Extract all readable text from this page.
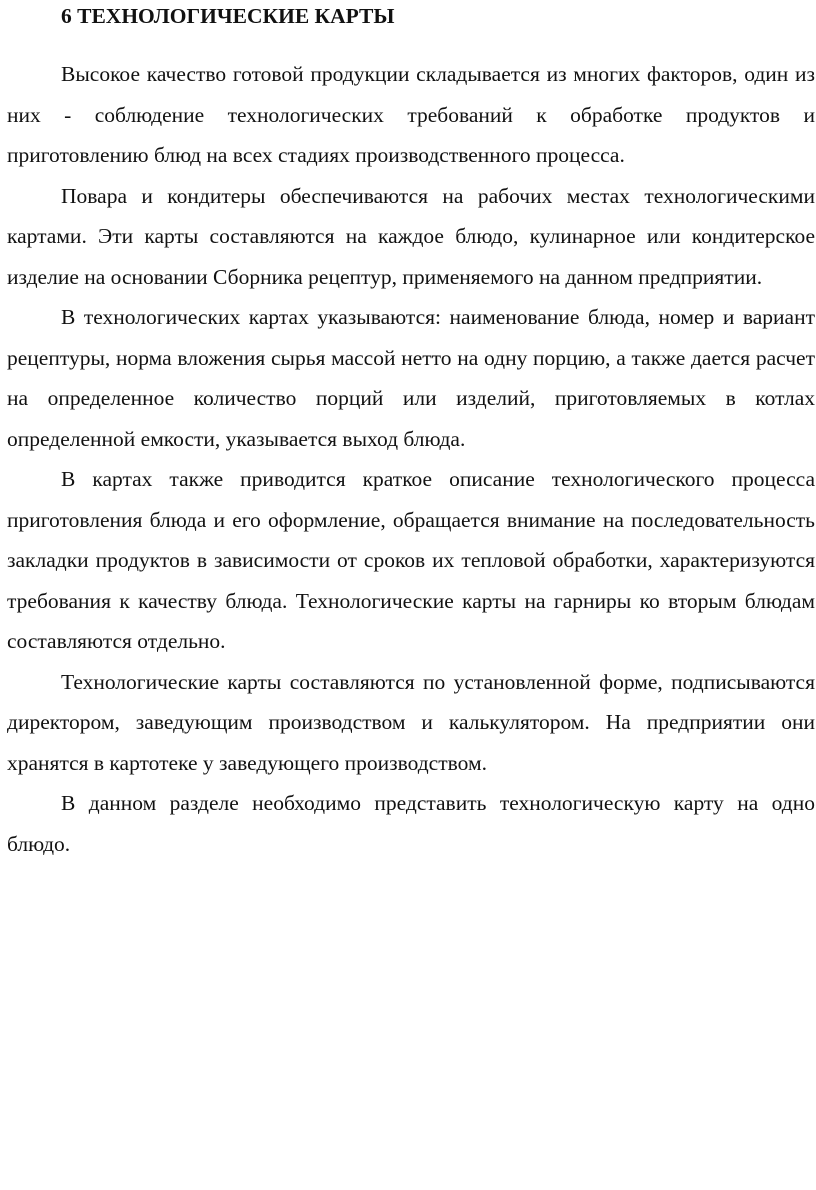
6 ТЕХНОЛОГИЧЕСКИЕ КАРТЫ

Высокое качество готовой продукции складывается из многих факторов, один из них - соблюдение технологических требований к обработке продуктов и приготовлению блюд на всех стадиях производственного процесса.

Повара и кондитеры обеспечиваются на рабочих местах технологическими картами. Эти карты составляются на каждое блюдо, кулинарное или кондитерское изделие на основании Сборника рецептур, применяемого на данном предприятии.

В технологических картах указываются: наименование блюда, номер и вариант рецептуры, норма вложения сырья массой нетто на одну порцию, а также дается расчет на определенное количество порций или изделий, приготовляемых в котлах определенной емкости, указывается выход блюда.

В картах также приводится краткое описание технологического процесса приготовления блюда и его оформление, обращается внимание на последовательность закладки продуктов в зависимости от сроков их тепловой обработки, характеризуются требования к качеству блюда. Технологические карты на гарниры ко вторым блюдам составляются отдельно.

Технологические карты составляются по установленной форме, подписываются директором, заведующим производством и калькулятором. На предприятии они хранятся в картотеке у заведующего производством.

В данном разделе необходимо представить технологическую карту на одно блюдо.
